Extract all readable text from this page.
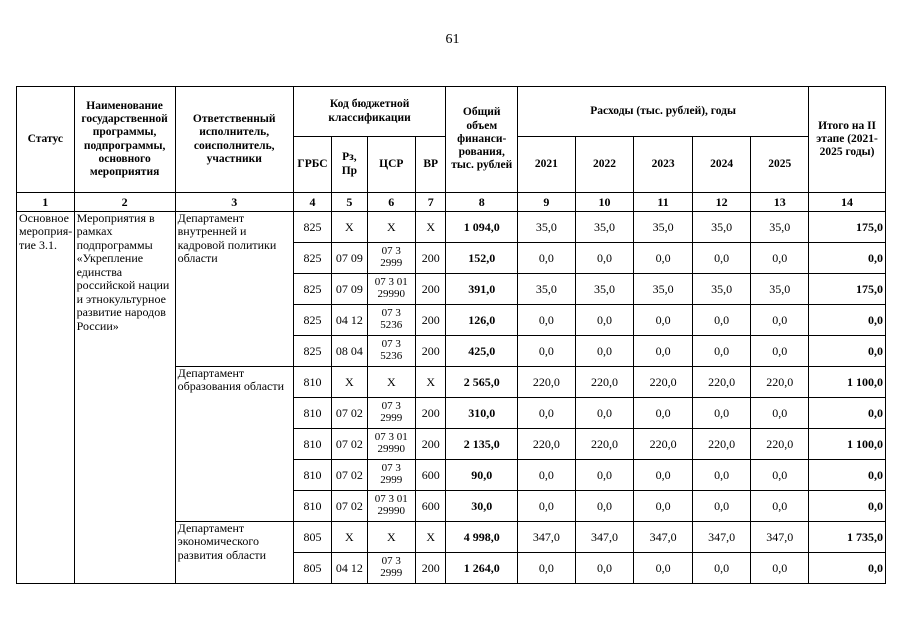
61
Статус	Наименование государственной программы, подпрограммы, основного мероприятия	Ответственный исполнитель, соисполнитель, участники	Код бюджетной классификации				Общий объем финанси-рования, тыс. рублей	Расходы (тыс. рублей), годы					Итого на II этапе (2021-2025 годы)
			ГРБС	Рз, Пр	ЦСР	ВР		2021	2022	2023	2024	2025	
1	2	3	4	5	6	7	8	9	10	11	12	13	14
Основное мероприя-тие 3.1.	Мероприятия в рамках подпрограммы «Укрепление единства российской нации и этнокультурное развитие народов России»	Департамент внутренней и кадровой политики области	825	X	X	X	1 094,0	35,0	35,0	35,0	35,0	35,0	175,0
			825	07 09	07 3 2999	200	152,0	0,0	0,0	0,0	0,0	0,0	0,0
			825	07 09	07 3 01 29990	200	391,0	35,0	35,0	35,0	35,0	35,0	175,0
			825	04 12	07 3 5236	200	126,0	0,0	0,0	0,0	0,0	0,0	0,0
			825	08 04	07 3 5236	200	425,0	0,0	0,0	0,0	0,0	0,0	0,0
		Департамент образования области	810	X	X	X	2 565,0	220,0	220,0	220,0	220,0	220,0	1 100,0
			810	07 02	07 3 2999	200	310,0	0,0	0,0	0,0	0,0	0,0	0,0
			810	07 02	07 3 01 29990	200	2 135,0	220,0	220,0	220,0	220,0	220,0	1 100,0
			810	07 02	07 3 2999	600	90,0	0,0	0,0	0,0	0,0	0,0	0,0
			810	07 02	07 3 01 29990	600	30,0	0,0	0,0	0,0	0,0	0,0	0,0
		Департамент экономического развития области	805	X	X	X	4 998,0	347,0	347,0	347,0	347,0	347,0	1 735,0
			805	04 12	07 3 2999	200	1 264,0	0,0	0,0	0,0	0,0	0,0	0,0
